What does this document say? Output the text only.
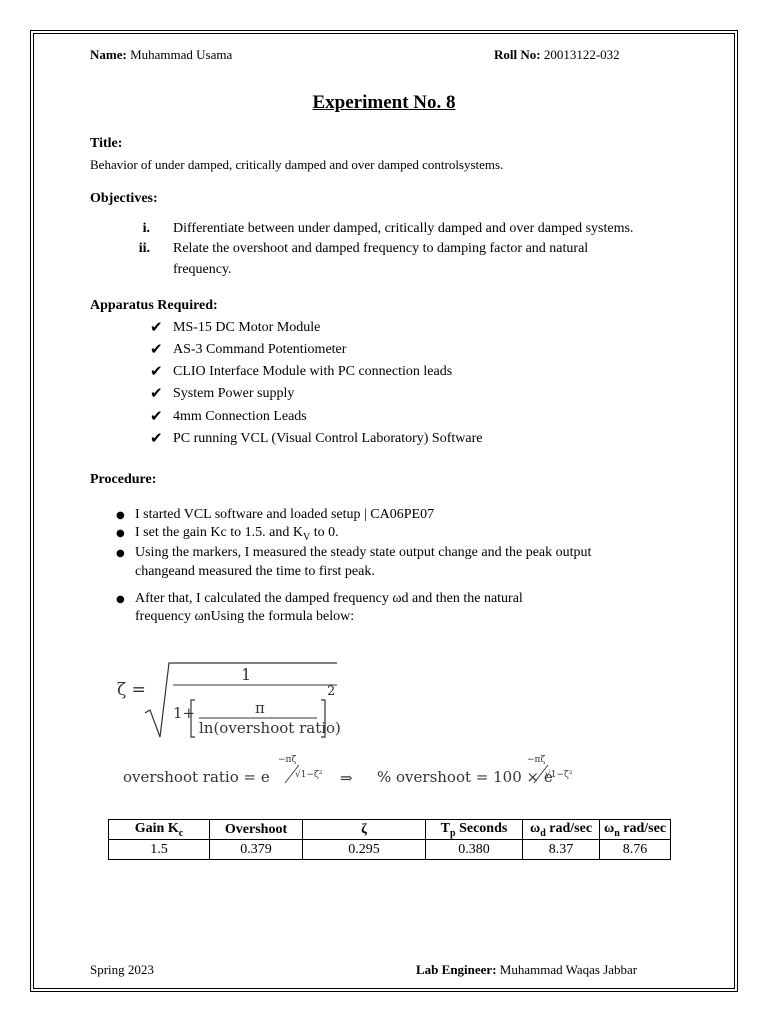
Name: Muhammad Usama	Roll No: 20013122-032
Experiment No. 8
Title:
Behavior of under damped, critically damped and over damped controlsystems.
Objectives:
i. Differentiate between under damped, critically damped and over damped systems.
ii. Relate the overshoot and damped frequency to damping factor and natural
frequency.
Apparatus Required:
✔ MS-15 DC Motor Module
✔ AS-3 Command Potentiometer
✔ CLIO Interface Module with PC connection leads
✔ System Power supply
✔ 4mm Connection Leads
✔ PC running VCL (Visual Control Laboratory) Software
Procedure:
● I started VCL software and loaded setup | CA06PE07
● I set the gain Kc to 1.5. and $K_V$ to 0.
● Using the markers, I measured the steady state output change and the peak output
changeand measured the time to first peak.
● After that, I calculated the damped frequency ωd and then the natural
frequency ωnUsing the formula below:
ζ =
1
1+	π
ln(overshoot ratio)
2
overshoot ratio = e
−πζ
√1−ζ² ⇒ % overshoot = 100 × e
−πζ
√1−ζ²
Gain $K_c$	Overshoot	ζ	$T_p$ Seconds	$\omega_d$ rad/sec	$\omega_n$ rad/sec
1.5	0.379	0.295	0.380	8.37	8.76
Spring 2023	Lab Engineer: Muhammad Waqas Jabbar
